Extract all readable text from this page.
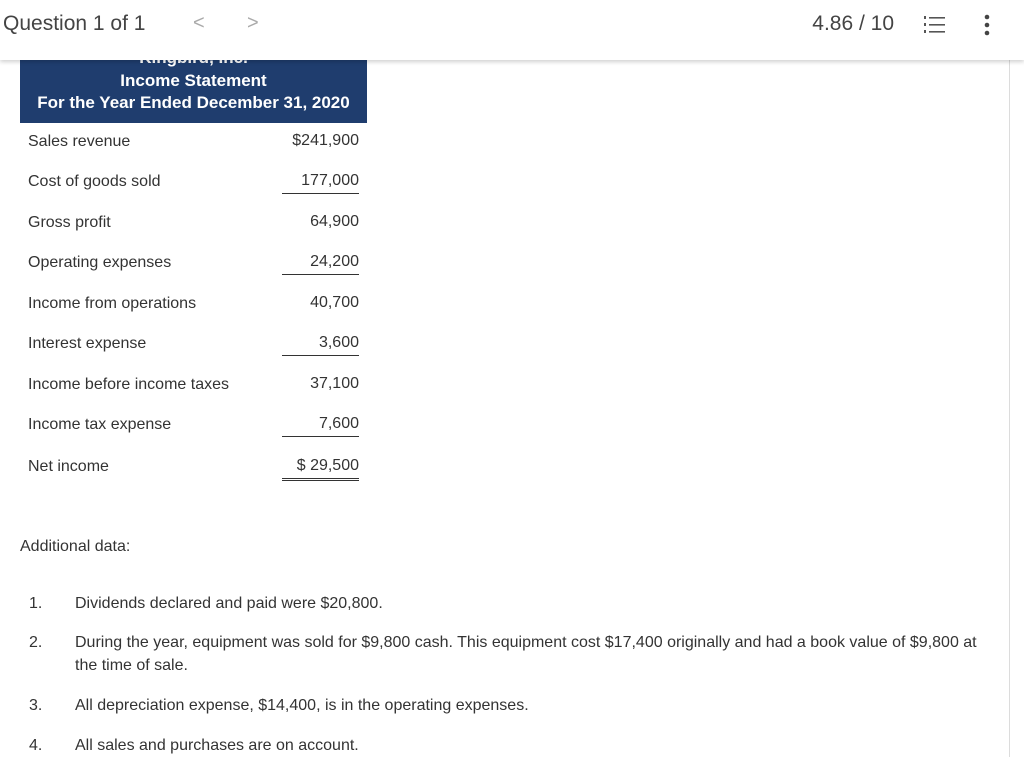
Question 1 of 1 < >	4.86 / 10
Income Statement
For the Year Ended December 31, 2020
Sales revenue	$241,900
Cost of goods sold	177,000
Gross profit	64,900
Operating expenses	24,200
Income from operations	40,700
Interest expense	3,600
Income before income taxes	37,100
Income tax expense	7,600
Net income	$ 29,500
Additional data:
1. Dividends declared and paid were $20,800.
2. During the year, equipment was sold for $9,800 cash. This equipment cost $17,400 originally and had a book value of $9,800 at the time of sale.
3. All depreciation expense, $14,400, is in the operating expenses.
4. All sales and purchases are on account.
